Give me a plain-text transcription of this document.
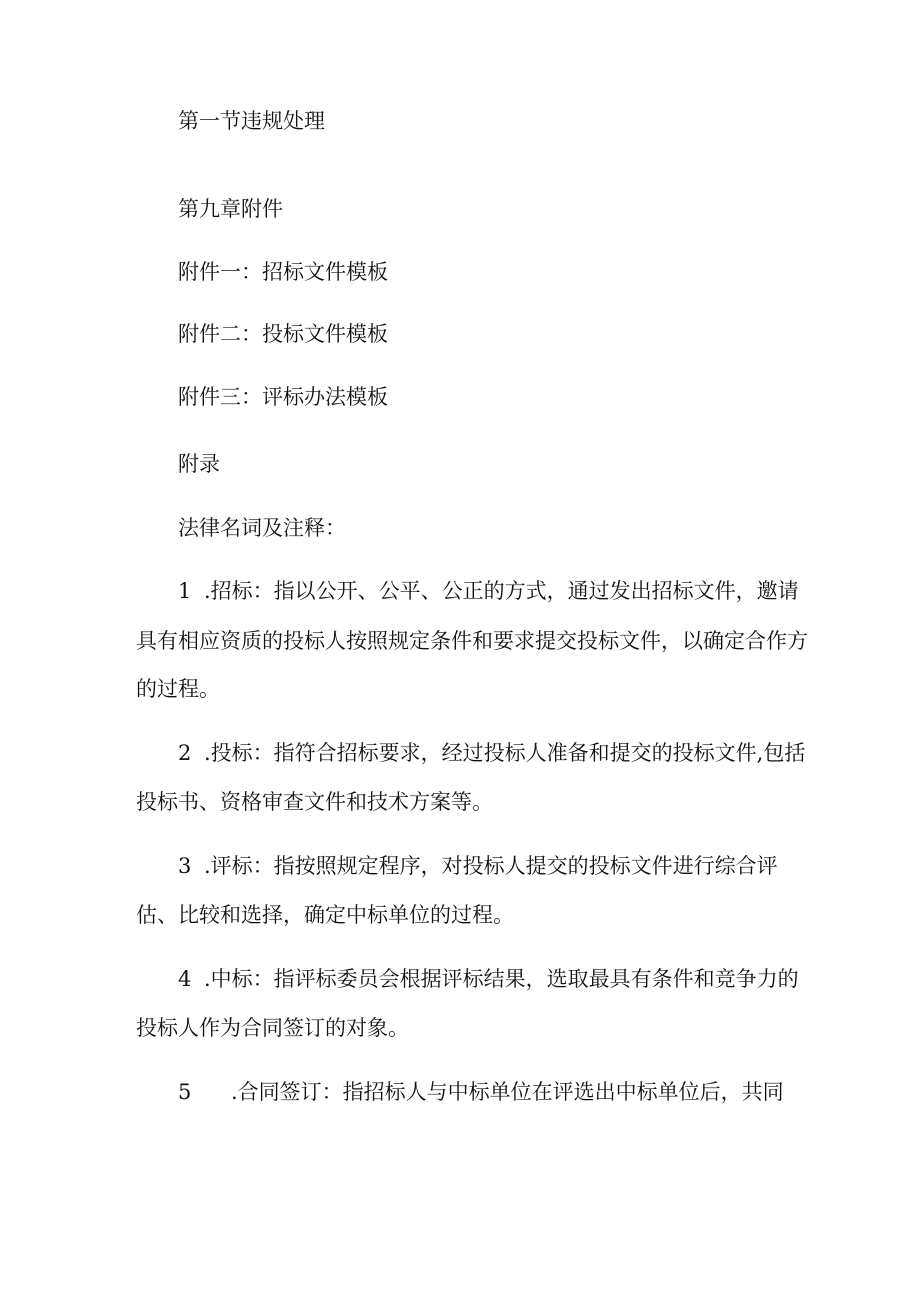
第一节违规处理
第九章附件
附件一：招标文件模板
附件二：投标文件模板
附件三：评标办法模板
附录
法律名词及注释：
1 .招标：指以公开、公平、公正的方式，通过发出招标文件，邀请
具有相应资质的投标人按照规定条件和要求提交投标文件，以确定合作方
的过程。
2 .投标：指符合招标要求，经过投标人准备和提交的投标文件,包括
投标书、资格审查文件和技术方案等。
3 .评标：指按照规定程序，对投标人提交的投标文件进行综合评
估、比较和选择，确定中标单位的过程。
4 .中标：指评标委员会根据评标结果，选取最具有条件和竞争力的
投标人作为合同签订的对象。
5 .合同签订：指招标人与中标单位在评选出中标单位后，共同
